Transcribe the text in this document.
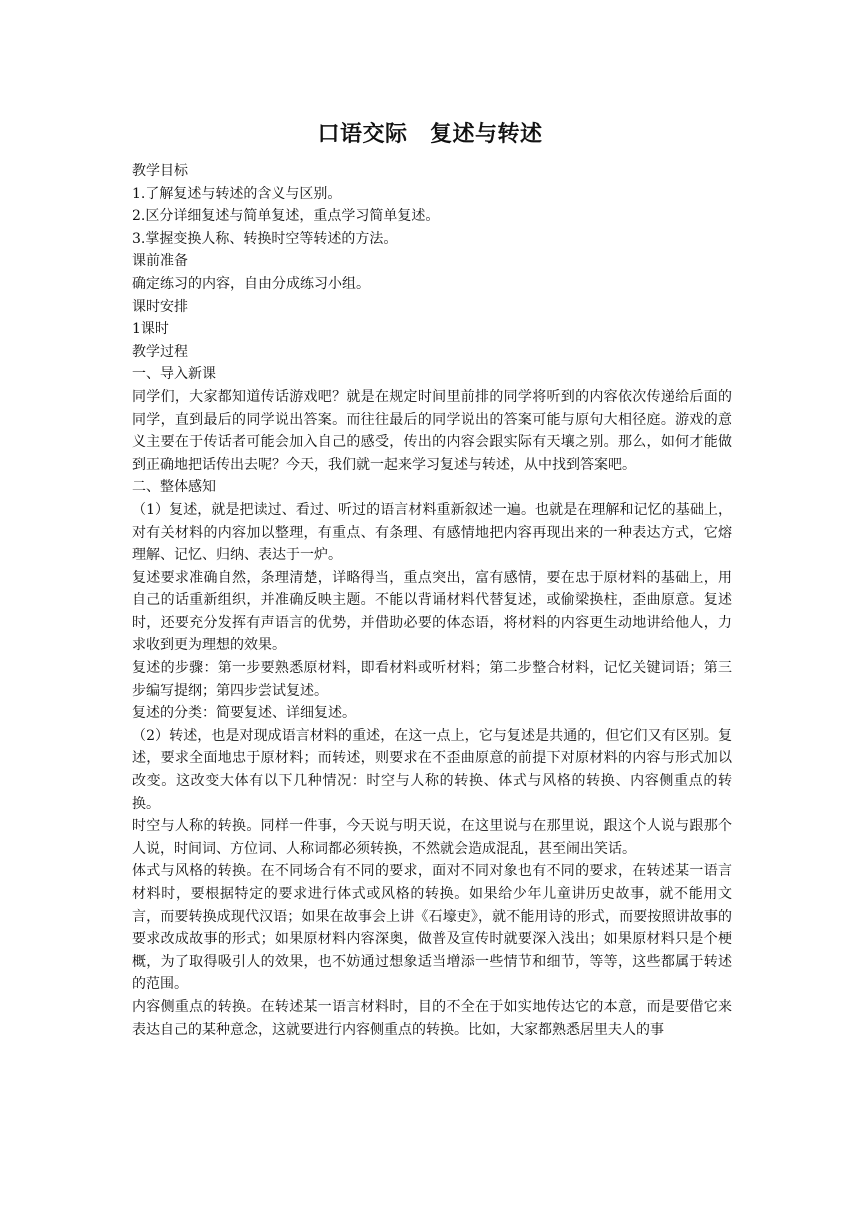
口语交际　复述与转述

教学目标

1.了解复述与转述的含义与区别。

2.区分详细复述与简单复述，重点学习简单复述。

3.掌握变换人称、转换时空等转述的方法。

课前准备

确定练习的内容，自由分成练习小组。

课时安排

1课时

教学过程

一、导入新课

同学们，大家都知道传话游戏吧？就是在规定时间里前排的同学将听到的内容依次传递给后面的同学，直到最后的同学说出答案。而往往最后的同学说出的答案可能与原句大相径庭。游戏的意义主要在于传话者可能会加入自己的感受，传出的内容会跟实际有天壤之别。那么，如何才能做到正确地把话传出去呢？今天，我们就一起来学习复述与转述，从中找到答案吧。

二、整体感知

（1）复述，就是把读过、看过、听过的语言材料重新叙述一遍。也就是在理解和记忆的基础上，对有关材料的内容加以整理，有重点、有条理、有感情地把内容再现出来的一种表达方式，它熔理解、记忆、归纳、表达于一炉。

复述要求准确自然，条理清楚，详略得当，重点突出，富有感情，要在忠于原材料的基础上，用自己的话重新组织，并准确反映主题。不能以背诵材料代替复述，或偷梁换柱，歪曲原意。复述时，还要充分发挥有声语言的优势，并借助必要的体态语，将材料的内容更生动地讲给他人，力求收到更为理想的效果。

复述的步骤：第一步要熟悉原材料，即看材料或听材料；第二步整合材料，记忆关键词语；第三步编写提纲；第四步尝试复述。

复述的分类：简要复述、详细复述。

（2）转述，也是对现成语言材料的重述，在这一点上，它与复述是共通的，但它们又有区别。复述，要求全面地忠于原材料；而转述，则要求在不歪曲原意的前提下对原材料的内容与形式加以改变。这改变大体有以下几种情况：时空与人称的转换、体式与风格的转换、内容侧重点的转换。

时空与人称的转换。同样一件事，今天说与明天说，在这里说与在那里说，跟这个人说与跟那个人说，时间词、方位词、人称词都必须转换，不然就会造成混乱，甚至闹出笑话。

体式与风格的转换。在不同场合有不同的要求，面对不同对象也有不同的要求，在转述某一语言材料时，要根据特定的要求进行体式或风格的转换。如果给少年儿童讲历史故事，就不能用文言，而要转换成现代汉语；如果在故事会上讲《石壕吏》，就不能用诗的形式，而要按照讲故事的要求改成故事的形式；如果原材料内容深奥，做普及宣传时就要深入浅出；如果原材料只是个梗概，为了取得吸引人的效果，也不妨通过想象适当增添一些情节和细节，等等，这些都属于转述的范围。

内容侧重点的转换。在转述某一语言材料时，目的不全在于如实地传达它的本意，而是要借它来表达自己的某种意念，这就要进行内容侧重点的转换。比如，大家都熟悉居里夫人的事
